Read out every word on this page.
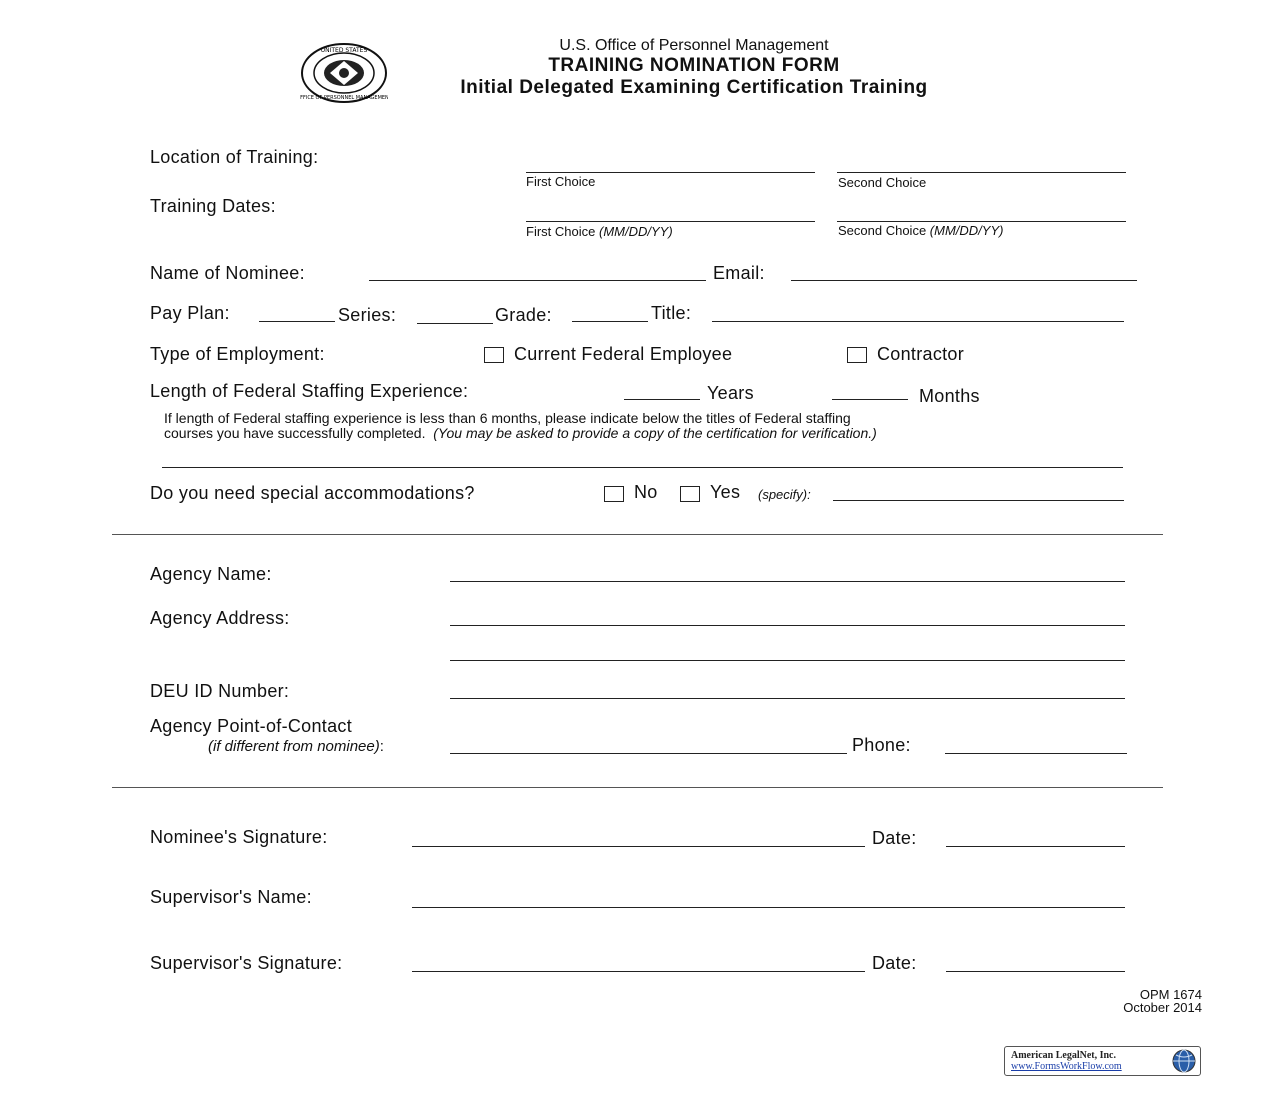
UNITED STATES
OFFICE OF PERSONNEL MANAGEMENT
U.S. Office of Personnel Management
TRAINING NOMINATION FORM
Initial Delegated Examining Certification Training
Location of Training:
First Choice	Second Choice
Training Dates:
First Choice (MM/DD/YY)	Second Choice (MM/DD/YY)
Name of Nominee:	Email:
Pay Plan:	Series:	Grade:	Title:
Type of Employment:	Current Federal Employee	Contractor
Length of Federal Staffing Experience:	Years	Months
If length of Federal staffing experience is less than 6 months, please indicate below the titles of Federal staffing
courses you have successfully completed. (You may be asked to provide a copy of the certification for verification.)
Do you need special accommodations?	No	Yes (specify):
Agency Name:
Agency Address:
DEU ID Number:
Agency Point-of-Contact
(if different from nominee):	Phone:
Nominee's Signature:	Date:
Supervisor's Name:
Supervisor's Signature:	Date:
OPM 1674
October 2014
American LegalNet, Inc.
www.FormsWorkFlow.com
